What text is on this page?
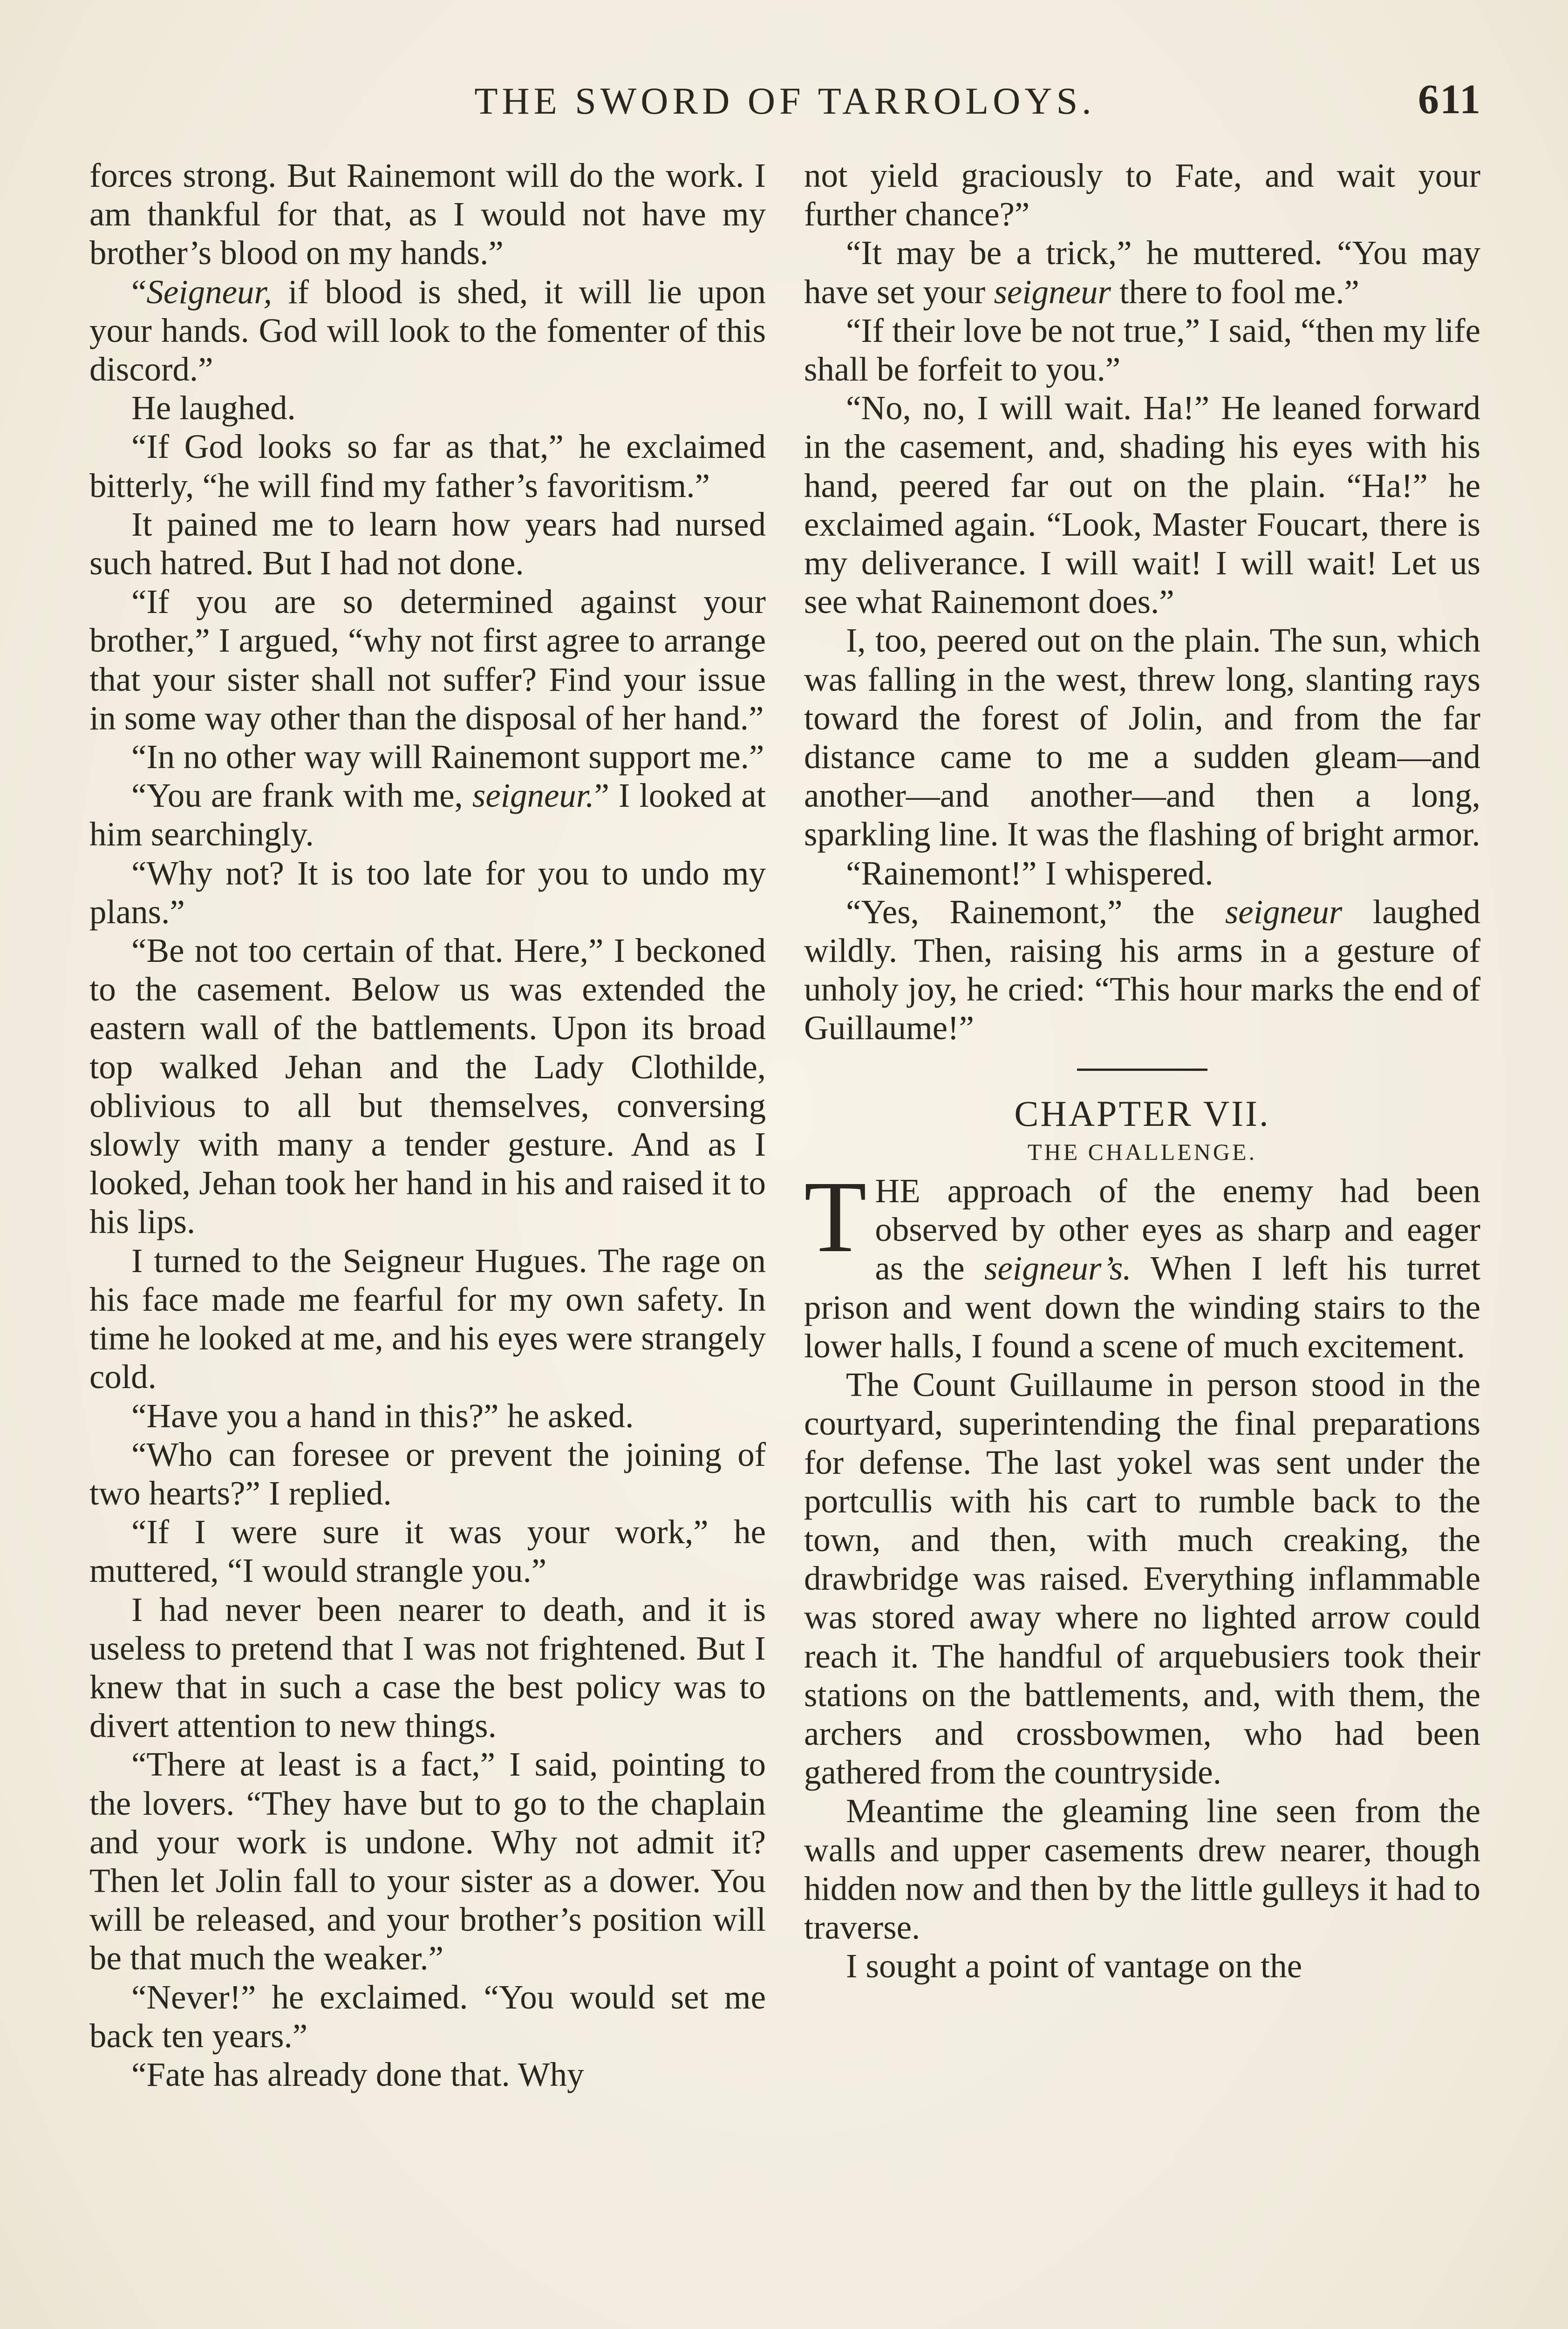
THE SWORD OF TARROLOYS.	611

forces strong. But Rainemont will do the work. I am thankful for that, as I would not have my brother’s blood on my hands.”

“Seigneur, if blood is shed, it will lie upon your hands. God will look to the fomenter of this discord.”

He laughed.

“If God looks so far as that,” he exclaimed bitterly, “he will find my father’s favoritism.”

It pained me to learn how years had nursed such hatred. But I had not done.

“If you are so determined against your brother,” I argued, “why not first agree to arrange that your sister shall not suffer? Find your issue in some way other than the disposal of her hand.”

“In no other way will Rainemont support me.”

“You are frank with me, seigneur.” I looked at him searchingly.

“Why not? It is too late for you to undo my plans.”

“Be not too certain of that. Here,” I beckoned to the casement. Below us was extended the eastern wall of the battlements. Upon its broad top walked Jehan and the Lady Clothilde, oblivious to all but themselves, conversing slowly with many a tender gesture. And as I looked, Jehan took her hand in his and raised it to his lips.

I turned to the Seigneur Hugues. The rage on his face made me fearful for my own safety. In time he looked at me, and his eyes were strangely cold.

“Have you a hand in this?” he asked.

“Who can foresee or prevent the joining of two hearts?” I replied.

“If I were sure it was your work,” he muttered, “I would strangle you.”

I had never been nearer to death, and it is useless to pretend that I was not frightened. But I knew that in such a case the best policy was to divert attention to new things.

“There at least is a fact,” I said, pointing to the lovers. “They have but to go to the chaplain and your work is undone. Why not admit it? Then let Jolin fall to your sister as a dower. You will be released, and your brother’s position will be that much the weaker.”

“Never!” he exclaimed. “You would set me back ten years.”

“Fate has already done that. Why

not yield graciously to Fate, and wait your further chance?”

“It may be a trick,” he muttered. “You may have set your seigneur there to fool me.”

“If their love be not true,” I said, “then my life shall be forfeit to you.”

“No, no, I will wait. Ha!” He leaned forward in the casement, and, shading his eyes with his hand, peered far out on the plain. “Ha!” he exclaimed again. “Look, Master Foucart, there is my deliverance. I will wait! I will wait! Let us see what Rainemont does.”

I, too, peered out on the plain. The sun, which was falling in the west, threw long, slanting rays toward the forest of Jolin, and from the far distance came to me a sudden gleam—and another—and another—and then a long, sparkling line. It was the flashing of bright armor.

“Rainemont!” I whispered.

“Yes, Rainemont,” the seigneur laughed wildly. Then, raising his arms in a gesture of unholy joy, he cried: “This hour marks the end of Guillaume!”

CHAPTER VII.

THE CHALLENGE.

THE approach of the enemy had been observed by other eyes as sharp and eager as the seigneur’s. When I left his turret prison and went down the winding stairs to the lower halls, I found a scene of much excitement.

The Count Guillaume in person stood in the courtyard, superintending the final preparations for defense. The last yokel was sent under the portcullis with his cart to rumble back to the town, and then, with much creaking, the drawbridge was raised. Everything inflammable was stored away where no lighted arrow could reach it. The handful of arquebusiers took their stations on the battlements, and, with them, the archers and crossbowmen, who had been gathered from the countryside.

Meantime the gleaming line seen from the walls and upper casements drew nearer, though hidden now and then by the little gulleys it had to traverse.

I sought a point of vantage on the
